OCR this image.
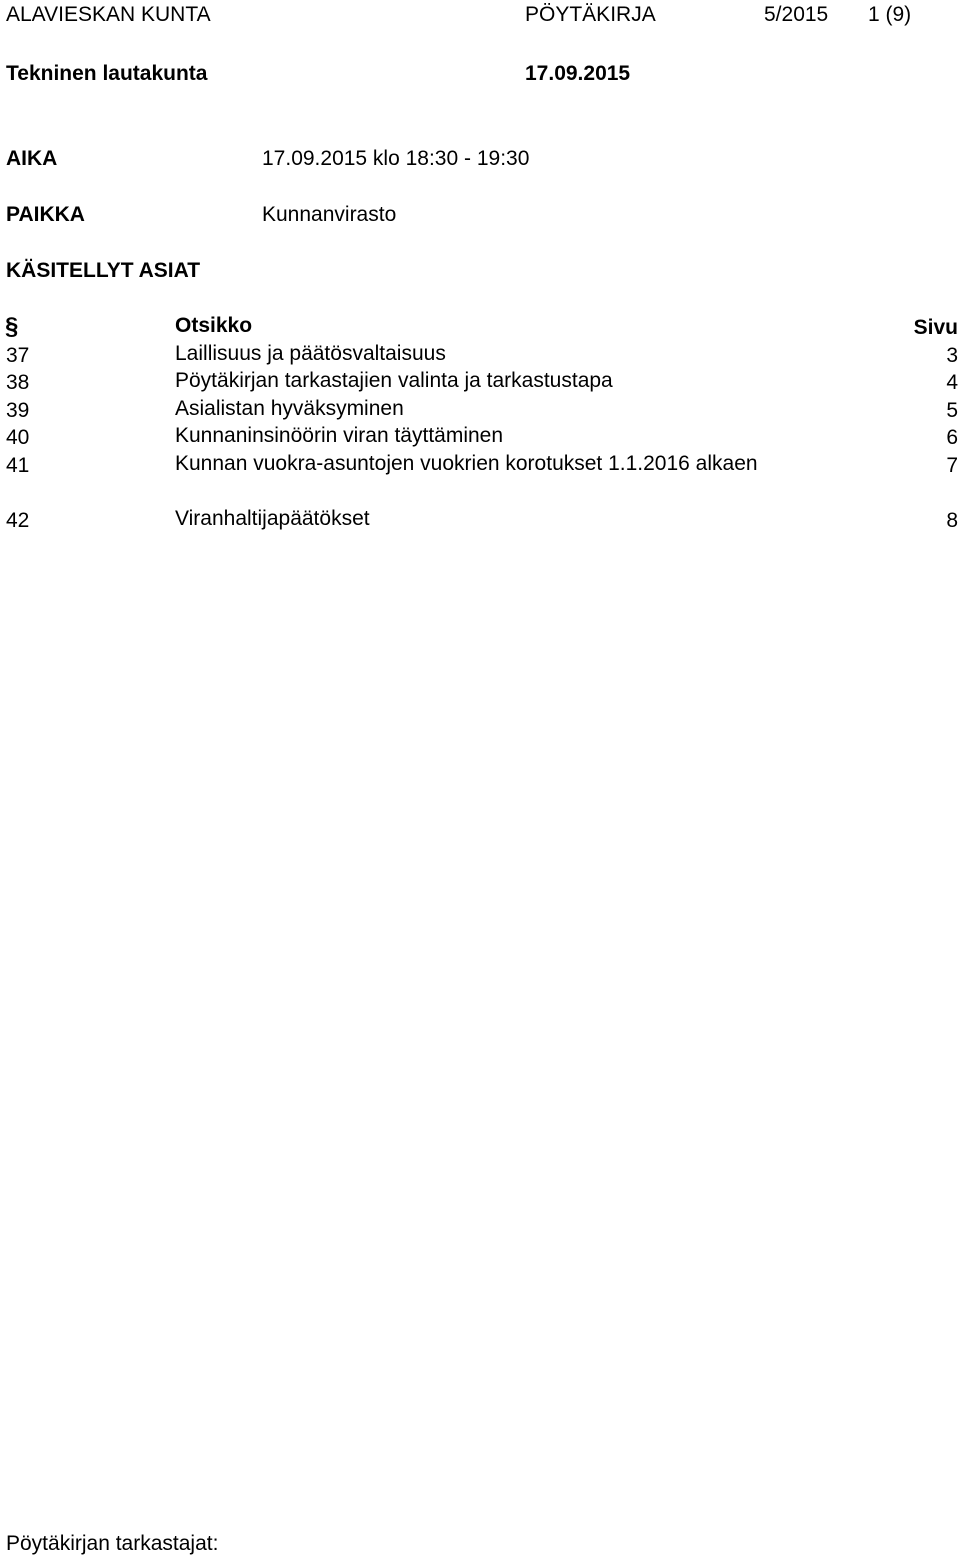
ALAVIESKAN KUNTA	PÖYTÄKIRJA	5/2015 1 (9)
Tekninen lautakunta	17.09.2015
AIKA	17.09.2015 klo 18:30 - 19:30
PAIKKA	Kunnanvirasto
KÄSITELLYT ASIAT
§	Otsikko	Sivu
37	Laillisuus ja päätösvaltaisuus	3
38	Pöytäkirjan tarkastajien valinta ja tarkastustapa	4
39	Asialistan hyväksyminen	5
40	Kunnaninsinöörin viran täyttäminen	6
41	Kunnan vuokra-asuntojen vuokrien korotukset 1.1.2016 alkaen	7
42	Viranhaltijapäätökset	8
Pöytäkirjan tarkastajat:
